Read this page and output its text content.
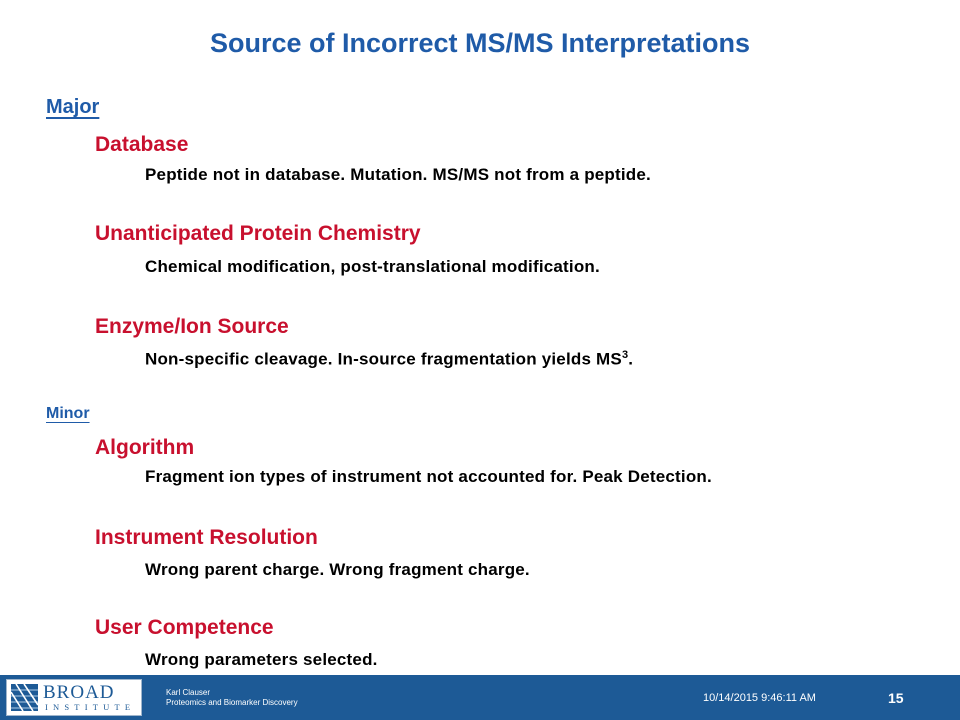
Source of Incorrect MS/MS Interpretations
Major
Database
Peptide not in database. Mutation. MS/MS not from a peptide.
Unanticipated Protein Chemistry
Chemical modification, post-translational modification.
Enzyme/Ion Source
Non-specific cleavage. In-source fragmentation yields $MS^3$.
Minor
Algorithm
Fragment ion types of instrument not accounted for. Peak Detection.
Instrument Resolution
Wrong parent charge. Wrong fragment charge.
User Competence
Wrong parameters selected.
BROAD
INSTITUTE
Karl Clauser
Proteomics and Biomarker Discovery	10/14/2015 9:46:11 AM	15
